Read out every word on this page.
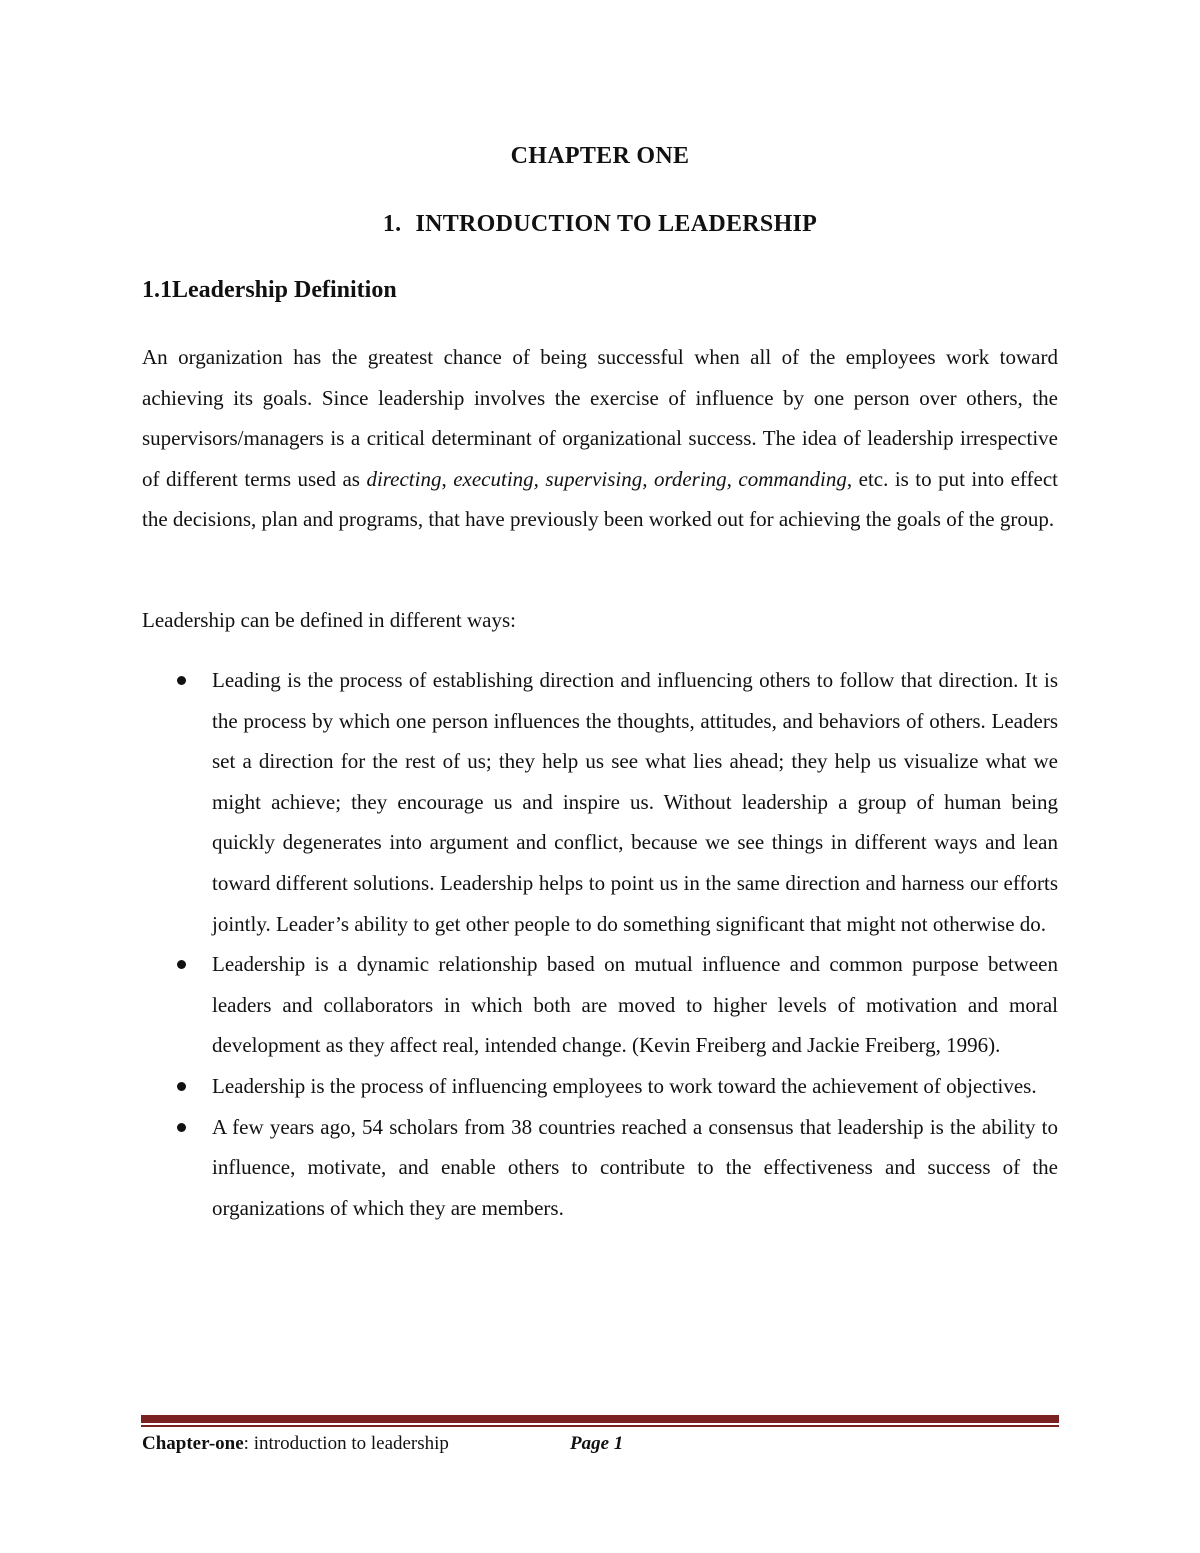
CHAPTER ONE
1. INTRODUCTION TO LEADERSHIP
1.1Leadership Definition

An organization has the greatest chance of being successful when all of the employees work toward achieving its goals. Since leadership involves the exercise of influence by one person over others, the supervisors/managers is a critical determinant of organizational success. The idea of leadership irrespective of different terms used as directing, executing, supervising, ordering, commanding, etc. is to put into effect the decisions, plan and programs, that have previously been worked out for achieving the goals of the group.

Leadership can be defined in different ways:

Leading is the process of establishing direction and influencing others to follow that direction. It is the process by which one person influences the thoughts, attitudes, and behaviors of others. Leaders set a direction for the rest of us; they help us see what lies ahead; they help us visualize what we might achieve; they encourage us and inspire us. Without leadership a group of human being quickly degenerates into argument and conflict, because we see things in different ways and lean toward different solutions. Leadership helps to point us in the same direction and harness our efforts jointly. Leader’s ability to get other people to do something significant that might not otherwise do.
Leadership is a dynamic relationship based on mutual influence and common purpose between leaders and collaborators in which both are moved to higher levels of motivation and moral development as they affect real, intended change. (Kevin Freiberg and Jackie Freiberg, 1996).
Leadership is the process of influencing employees to work toward the achievement of objectives.
A few years ago, 54 scholars from 38 countries reached a consensus that leadership is the ability to influence, motivate, and enable others to contribute to the effectiveness and success of the organizations of which they are members.
Chapter-one: introduction to leadership	Page 1
